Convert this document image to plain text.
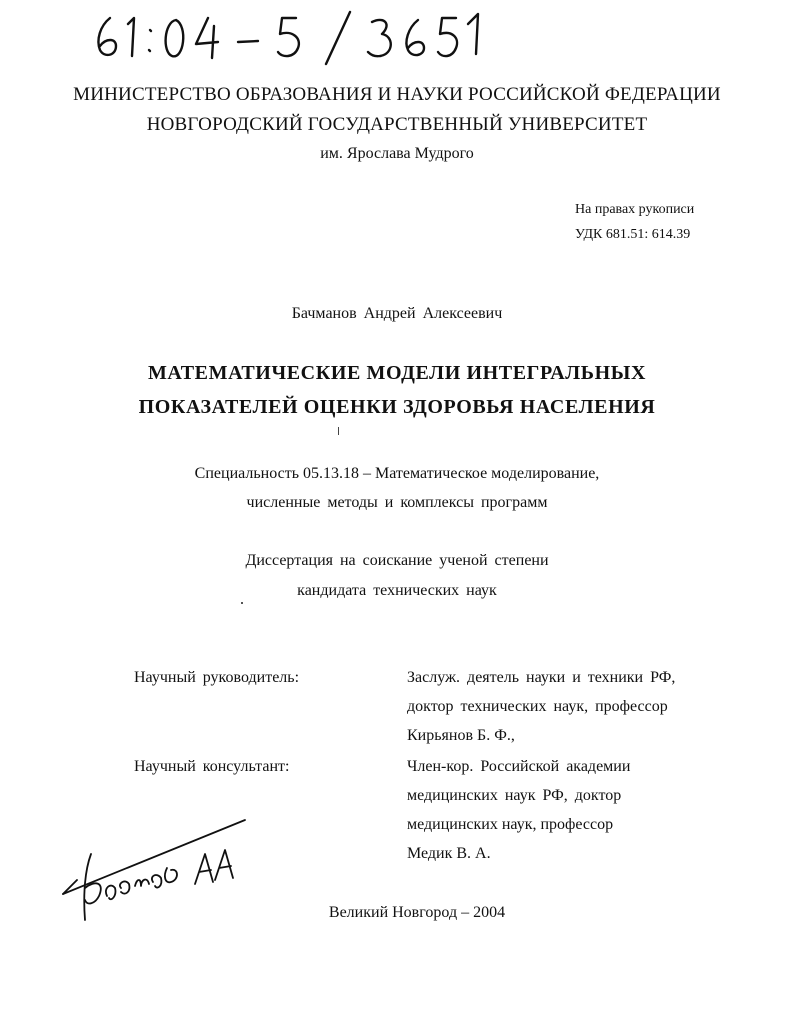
МИНИСТЕРСТВО ОБРАЗОВАНИЯ И НАУКИ РОССИЙСКОЙ ФЕДЕРАЦИИ
НОВГОРОДСКИЙ ГОСУДАРСТВЕННЫЙ УНИВЕРСИТЕТ
им. Ярослава Мудрого
На правах рукописи
УДК 681.51: 614.39
Бачманов Андрей Алексеевич
МАТЕМАТИЧЕСКИЕ МОДЕЛИ ИНТЕГРАЛЬНЫХ
ПОКАЗАТЕЛЕЙ ОЦЕНКИ ЗДОРОВЬЯ НАСЕЛЕНИЯ
Специальность 05.13.18 – Математическое моделирование,
численные методы и комплексы программ
Диссертация на соискание ученой степени
кандидата технических наук
Научный руководитель:	Заслуж. деятель науки и техники РФ,
доктор технических наук, профессор
Кирьянов Б. Ф.,
Научный консультант:	Член-кор. Российской академии
медицинских наук РФ, доктор
медицинских наук, профессор
Медик В. А.
Великий Новгород – 2004
